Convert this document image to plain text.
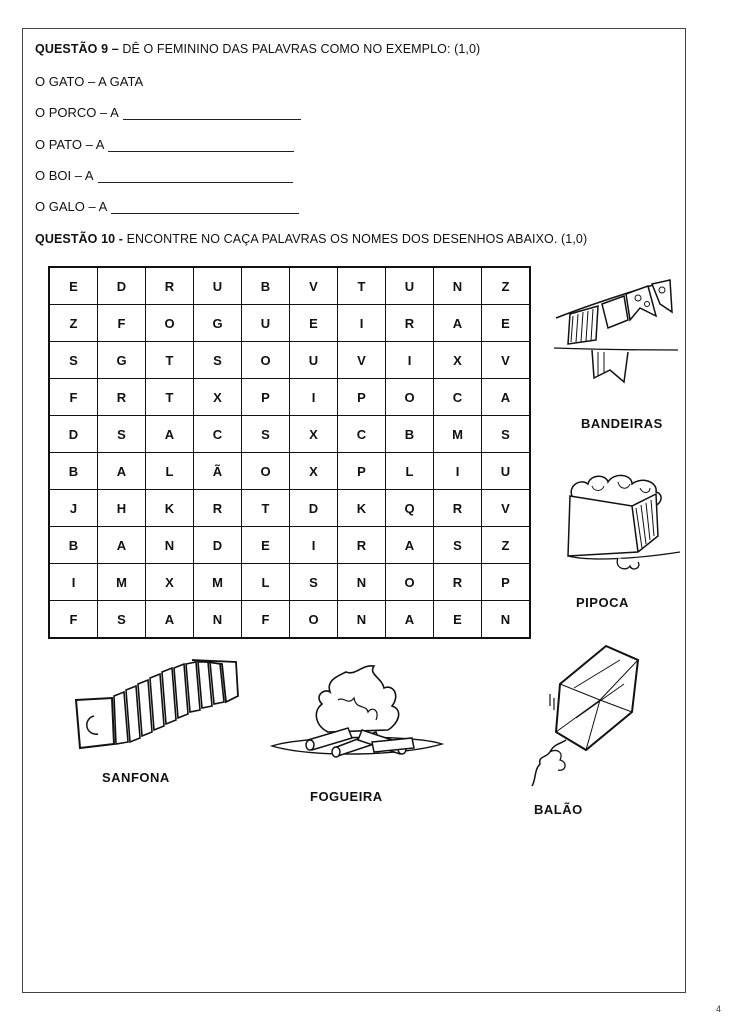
QUESTÃO 9 – DÊ O FEMININO DAS PALAVRAS COMO NO EXEMPLO: (1,0)
O GATO – A GATA
O PORCO – A
O PATO – A
O BOI – A
O GALO – A
QUESTÃO 10 - ENCONTRE NO CAÇA PALAVRAS OS NOMES DOS DESENHOS ABAIXO. (1,0)
E	D	R	U	B	V	T	U	N	Z
Z	F	O	G	U	E	I	R	A	E
S	G	T	S	O	U	V	I	X	V
F	R	T	X	P	I	P	O	C	A
D	S	A	C	S	X	C	B	M	S
B	A	L	Ã	O	X	P	L	I	U
J	H	K	R	T	D	K	Q	R	V
B	A	N	D	E	I	R	A	S	Z
I	M	X	M	L	S	N	O	R	P
F	S	A	N	F	O	N	A	E	N
BANDEIRAS
PIPOCA
SANFONA
FOGUEIRA
BALÃO
4
